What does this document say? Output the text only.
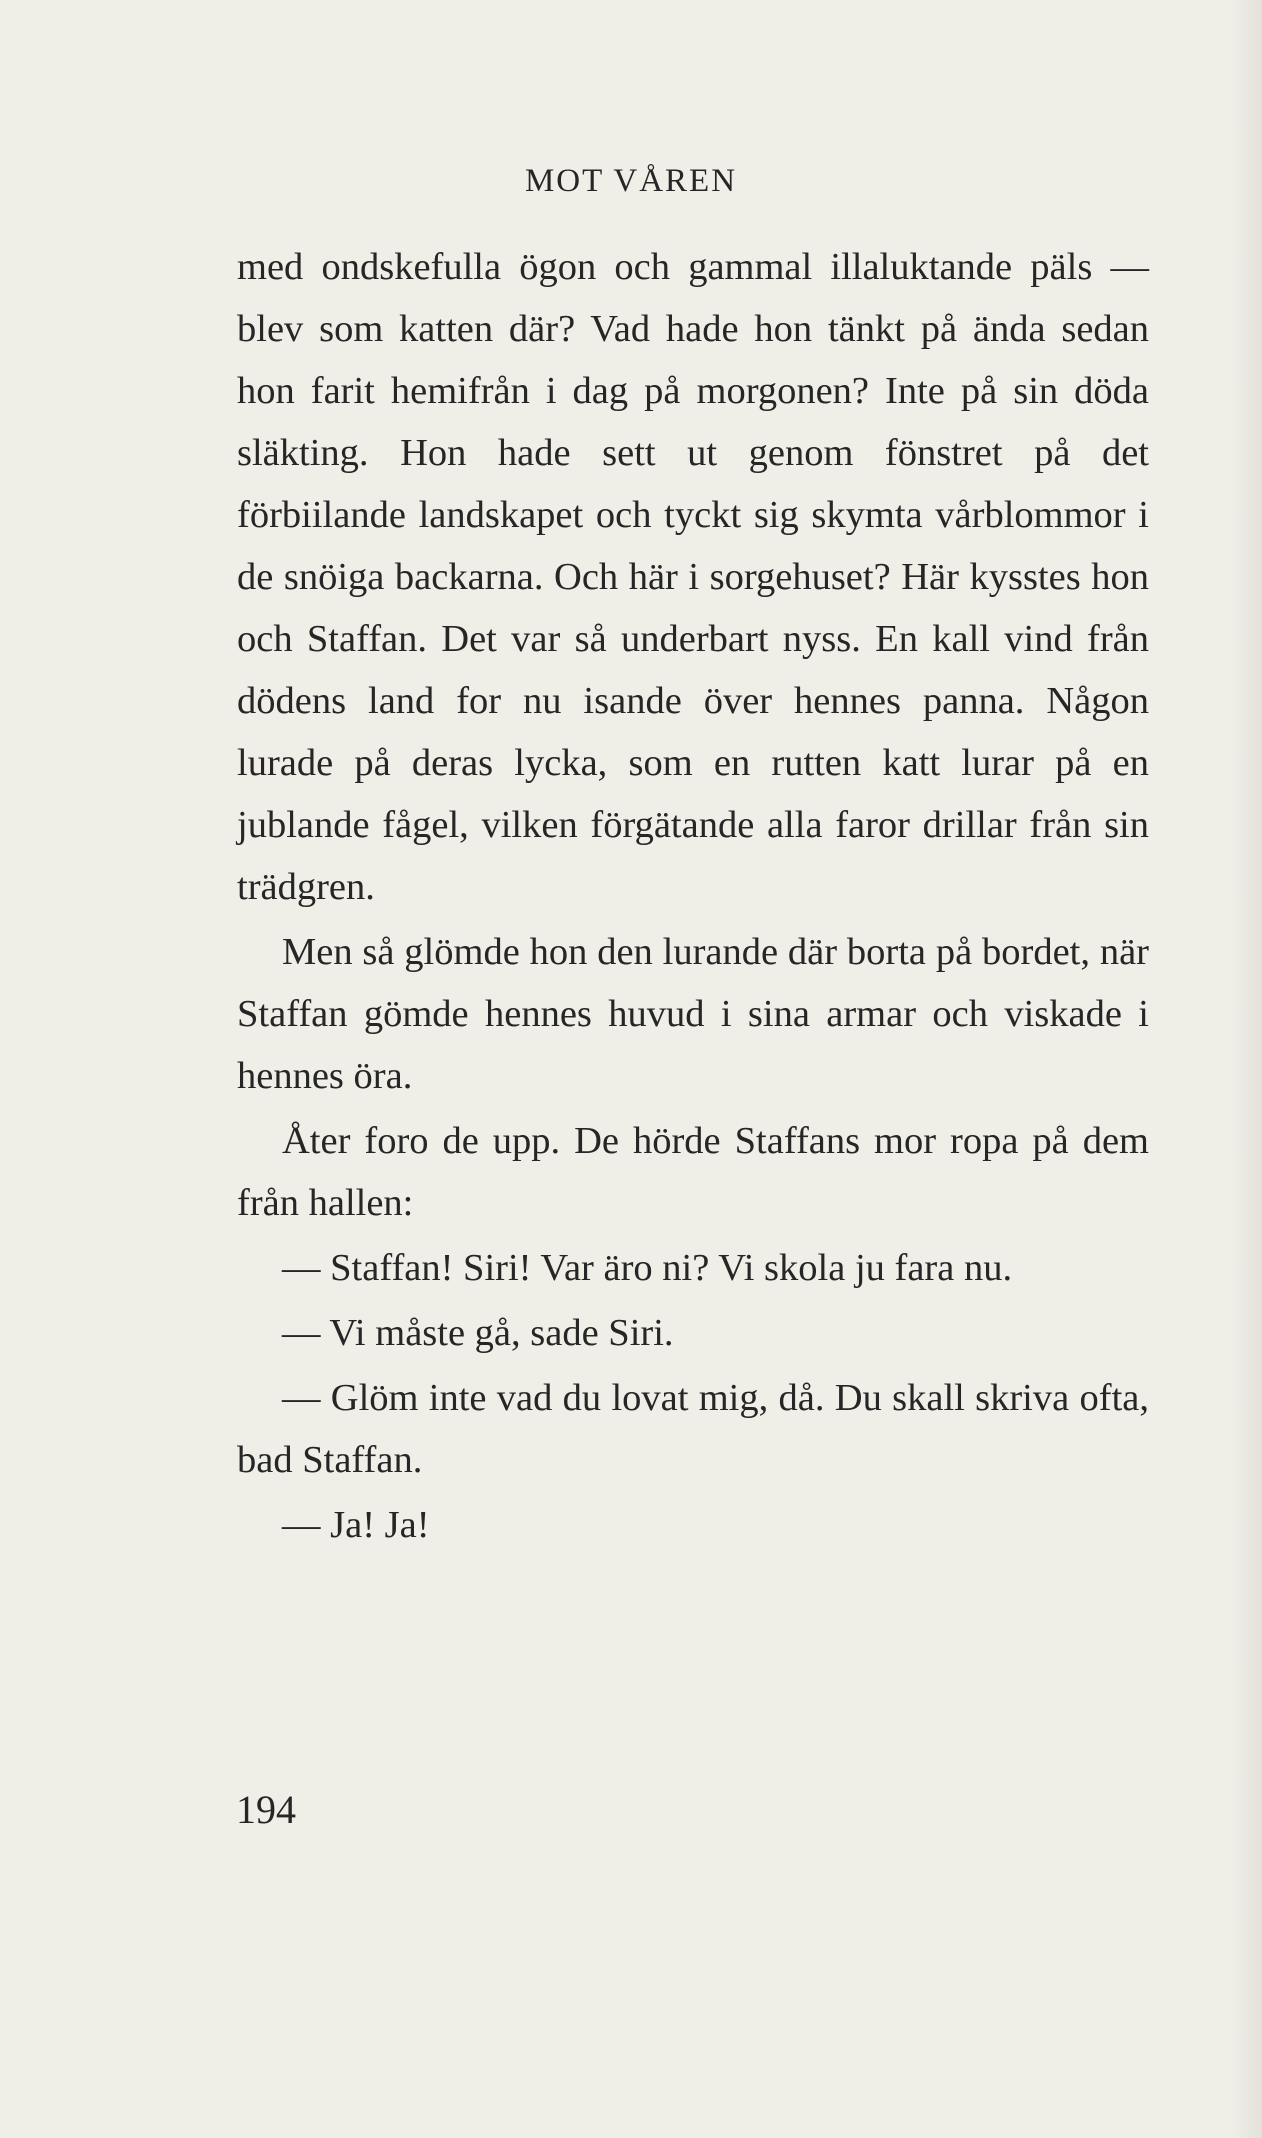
MOT VÅREN

med ondskefulla ögon och gammal illaluktande päls — blev som katten där? Vad hade hon tänkt på ända sedan hon farit hemifrån i dag på morgonen? Inte på sin döda släkting. Hon hade sett ut genom fönstret på det förbiilande landskapet och tyckt sig skymta vårblommor i de snöiga backarna. Och här i sorgehuset? Här kysstes hon och Staffan. Det var så underbart nyss. En kall vind från dödens land for nu isande över hennes panna. Någon lurade på deras lycka, som en rutten katt lurar på en jublande fågel, vilken förgätande alla faror drillar från sin trädgren.

Men så glömde hon den lurande där borta på bordet, när Staffan gömde hennes huvud i sina armar och viskade i hennes öra.

Åter foro de upp. De hörde Staffans mor ropa på dem från hallen:

— Staffan! Siri! Var äro ni? Vi skola ju fara nu.

— Vi måste gå, sade Siri.

— Glöm inte vad du lovat mig, då. Du skall skriva ofta, bad Staffan.

— Ja! Ja!

194
